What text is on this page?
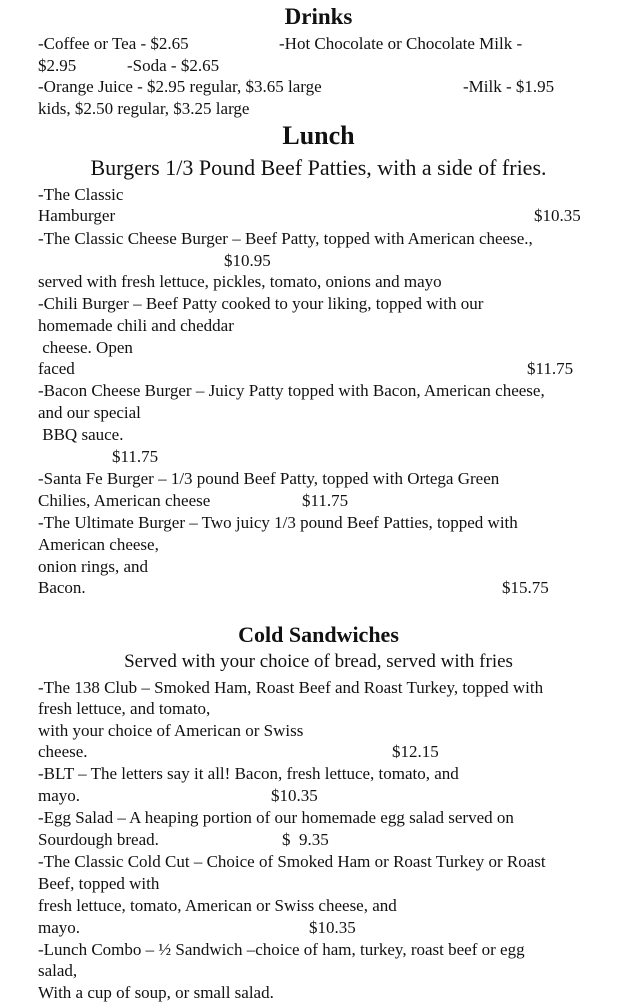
Drinks
-Coffee or Tea - $2.65	-Hot Chocolate or Chocolate Milk -
$2.95	-Soda - $2.65
-Orange Juice - $2.95 regular, $3.65 large	-Milk - $1.95
kids, $2.50 regular, $3.25 large
Lunch
Burgers 1/3 Pound Beef Patties, with a side of fries.
-The Classic
Hamburger	$10.35
-The Classic Cheese Burger – Beef Patty, topped with American cheese.,
$10.95
served with fresh lettuce, pickles, tomato, onions and mayo
-Chili Burger – Beef Patty cooked to your liking, topped with our
homemade chili and cheddar
cheese. Open
faced	$11.75
-Bacon Cheese Burger – Juicy Patty topped with Bacon, American cheese,
and our special
BBQ sauce.
$11.75
-Santa Fe Burger – 1/3 pound Beef Patty, topped with Ortega Green
Chilies, American cheese	$11.75
-The Ultimate Burger – Two juicy 1/3 pound Beef Patties, topped with
American cheese,
onion rings, and
Bacon.	$15.75
Cold Sandwiches
Served with your choice of bread, served with fries
-The 138 Club – Smoked Ham, Roast Beef and Roast Turkey, topped with
fresh lettuce, and tomato,
with your choice of American or Swiss
cheese.	$12.15
-BLT – The letters say it all! Bacon, fresh lettuce, tomato, and
mayo.	$10.35
-Egg Salad – A heaping portion of our homemade egg salad served on
Sourdough bread.	$  9.35
-The Classic Cold Cut – Choice of Smoked Ham or Roast Turkey or Roast
Beef, topped with
fresh lettuce, tomato, American or Swiss cheese, and
mayo.	$10.35
-Lunch Combo – ½ Sandwich –choice of ham, turkey, roast beef or egg
salad,
With a cup of soup, or small salad.
